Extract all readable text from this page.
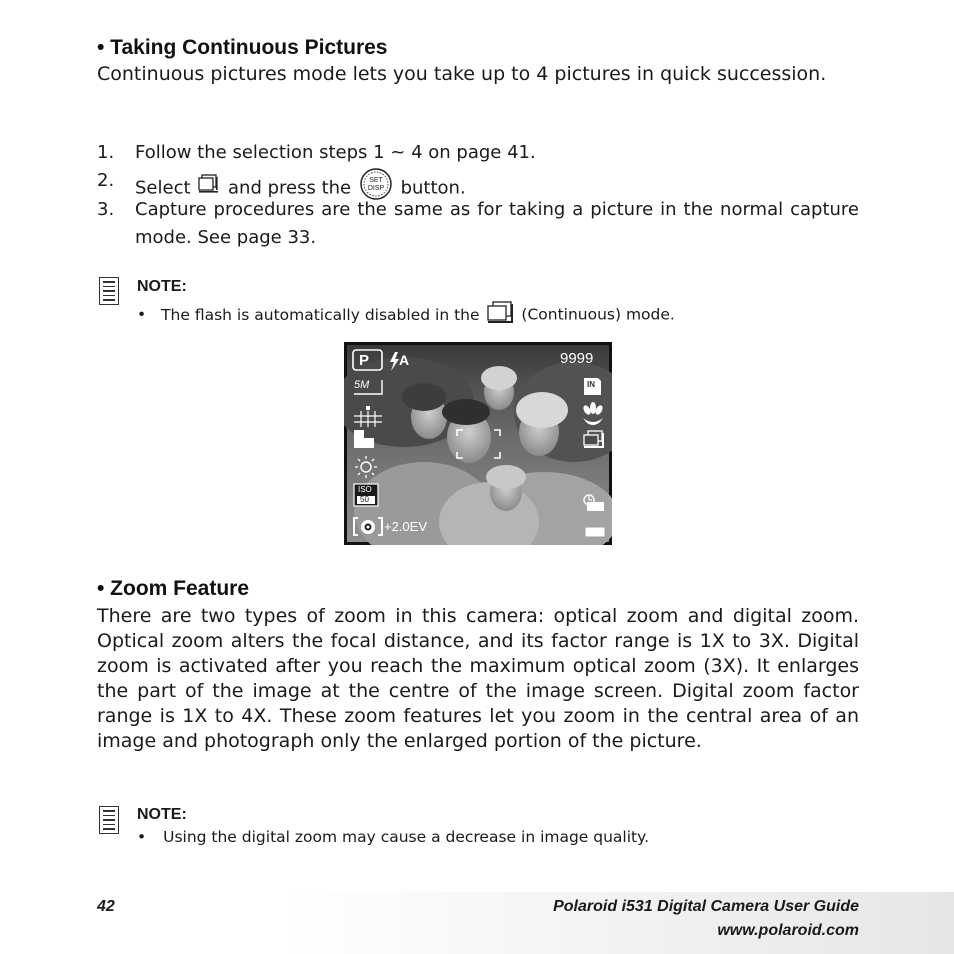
• Taking Continuous Pictures
Continuous pictures mode lets you take up to 4 pictures in quick succession.
1. Follow the selection steps 1 ~ 4 on page 41.
2. Select and press the	SET
DISP button.
3. Capture procedures are the same as for taking a picture in the normal capture mode. See page 33.
NOTE:
• The flash is automatically disabled in the	(Continuous) mode.
P A	9999
5M	IN
ISO
50
+2.0EV
• Zoom Feature
There are two types of zoom in this camera: optical zoom and digital zoom. Optical zoom alters the focal distance, and its factor range is 1X to 3X. Digital zoom is activated after you reach the maximum optical zoom (3X). It enlarges the part of the image at the centre of the image screen. Digital zoom factor range is 1X to 4X. These zoom features let you zoom in the central area of an image and photograph only the enlarged portion of the picture.
NOTE:
• Using the digital zoom may cause a decrease in image quality.
42	Polaroid i531 Digital Camera User Guide
www.polaroid.com
